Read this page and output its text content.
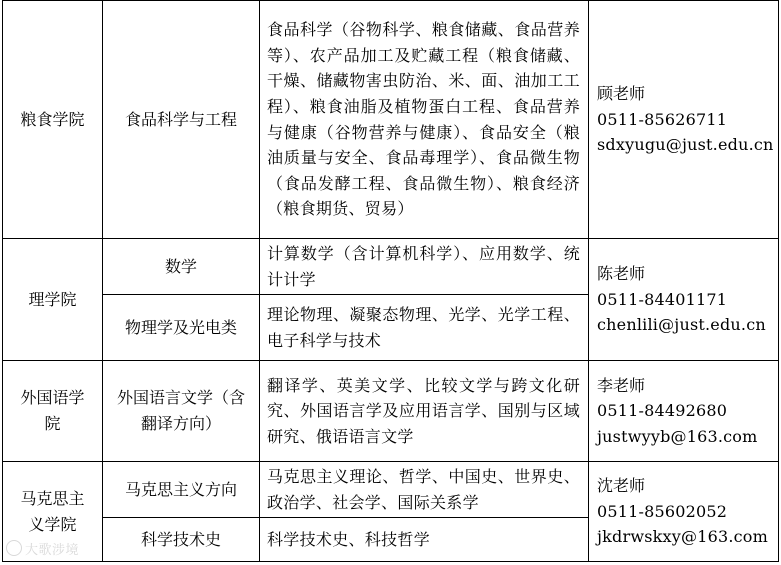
粮食学院	食品科学与工程	食品科学（谷物科学、粮食储藏、食品营养等）、农产品加工及贮藏工程（粮食储藏、干燥、储藏物害虫防治、米、面、油加工工程）、粮食油脂及植物蛋白工程、食品营养与健康（谷物营养与健康）、食品安全（粮油质量与安全、食品毒理学）、食品微生物（食品发酵工程、食品微生物）、粮食经济（粮食期货、贸易）	顾老师
0511-85626711
sdxyugu@just.edu.cn

理学院	数学	计算数学（含计算机科学）、应用数学、统计计学	陈老师
0511-84401171
chenlili@just.edu.cn

	物理学及光电类	理论物理、凝聚态物理、光学、光学工程、电子科学与技术	
外国语学院	外国语言文学（含翻译方向）	翻译学、英美文学、比较文学与跨文化研究、外国语言学及应用语言学、国别与区域研究、俄语语言文学	李老师
0511-84492680
justwyyb@163.com

马克思主义学院	马克思主义方向	马克思主义理论、哲学、中国史、世界史、政治学、社会学、国际关系学	沈老师
0511-85602052
jkdrwskxy@163.com

	科学技术史	科学技术史、科技哲学	
大歌涉境
